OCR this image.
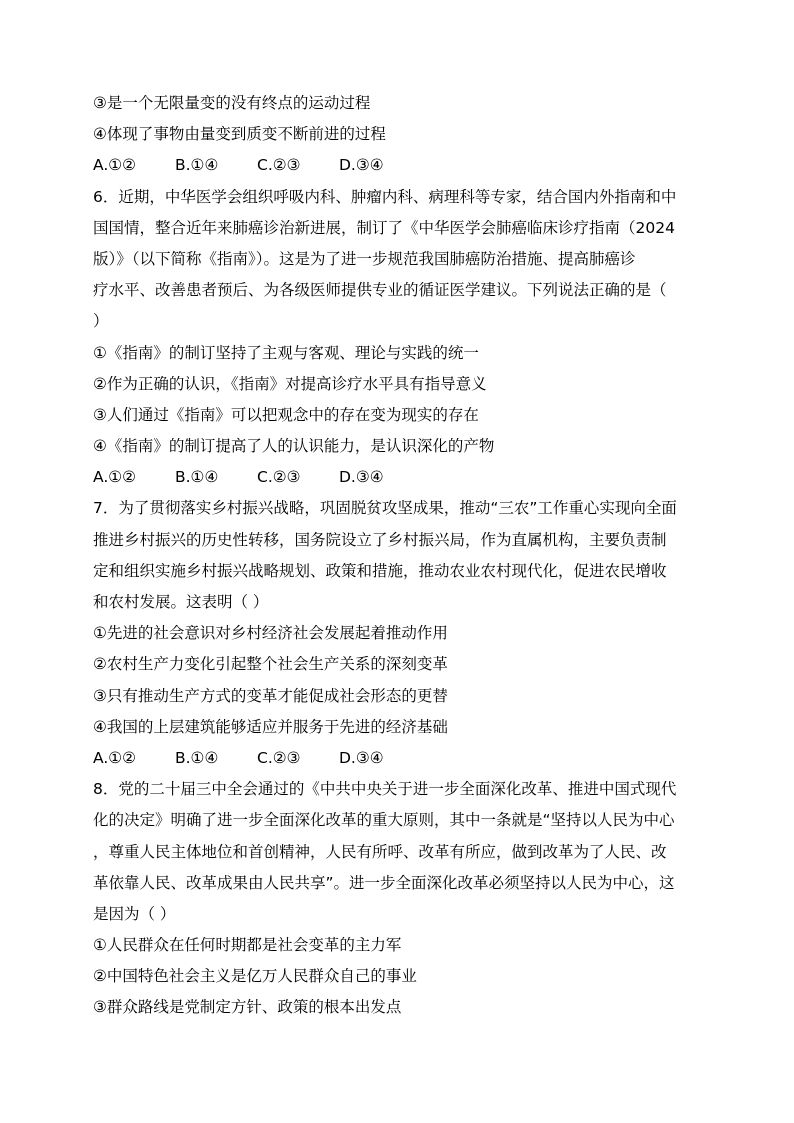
③是一个无限量变的没有终点的运动过程
④体现了事物由量变到质变不断前进的过程
A.①②	B.①④	C.②③	D.③④
6．近期，中华医学会组织呼吸内科、肿瘤内科、病理科等专家，结合国内外指南和中
国国情，整合近年来肺癌诊治新进展，制订了《中华医学会肺癌临床诊疗指南（2024
版）》（以下简称《指南》）。这是为了进一步规范我国肺癌防治措施、提高肺癌诊
疗水平、改善患者预后、为各级医师提供专业的循证医学建议。下列说法正确的是（
）
①《指南》的制订坚持了主观与客观、理论与实践的统一
②作为正确的认识，《指南》对提高诊疗水平具有指导意义
③人们通过《指南》可以把观念中的存在变为现实的存在
④《指南》的制订提高了人的认识能力，是认识深化的产物
A.①②	B.①④	C.②③	D.③④
7．为了贯彻落实乡村振兴战略，巩固脱贫攻坚成果，推动“三农”工作重心实现向全面
推进乡村振兴的历史性转移，国务院设立了乡村振兴局，作为直属机构，主要负责制
定和组织实施乡村振兴战略规划、政策和措施，推动农业农村现代化，促进农民增收
和农村发展。这表明（ ）
①先进的社会意识对乡村经济社会发展起着推动作用
②农村生产力变化引起整个社会生产关系的深刻变革
③只有推动生产方式的变革才能促成社会形态的更替
④我国的上层建筑能够适应并服务于先进的经济基础
A.①②	B.①④	C.②③	D.③④
8．党的二十届三中全会通过的《中共中央关于进一步全面深化改革、推进中国式现代
化的决定》明确了进一步全面深化改革的重大原则，其中一条就是“坚持以人民为中心
，尊重人民主体地位和首创精神，人民有所呼、改革有所应，做到改革为了人民、改
革依靠人民、改革成果由人民共享”。进一步全面深化改革必须坚持以人民为中心，这
是因为（ ）
①人民群众在任何时期都是社会变革的主力军
②中国特色社会主义是亿万人民群众自己的事业
③群众路线是党制定方针、政策的根本出发点
